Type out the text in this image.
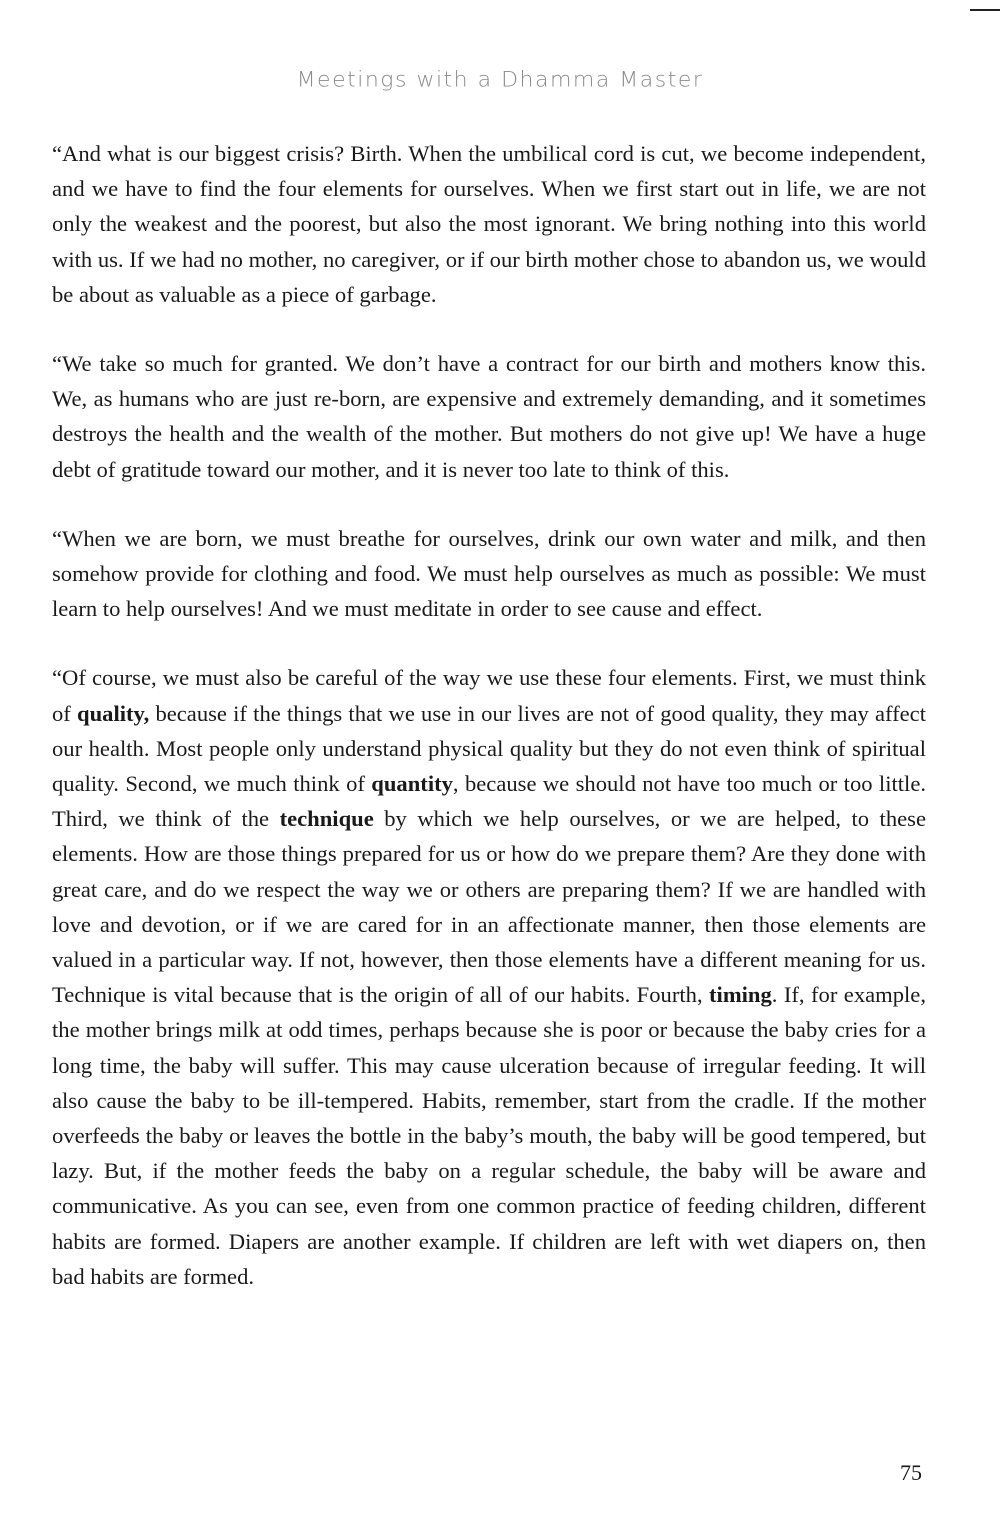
Meetings with a Dhamma Master

“And what is our biggest crisis? Birth. When the umbilical cord is cut, we become independent, and we have to find the four elements for ourselves. When we first start out in life, we are not only the weakest and the poorest, but also the most ignorant. We bring nothing into this world with us. If we had no mother, no caregiver, or if our birth mother chose to abandon us, we would be about as valuable as a piece of garbage.

“We take so much for granted. We don’t have a contract for our birth and mothers know this. We, as humans who are just re-born, are expensive and extremely demanding, and it sometimes destroys the health and the wealth of the mother. But mothers do not give up! We have a huge debt of gratitude toward our mother, and it is never too late to think of this.

“When we are born, we must breathe for ourselves, drink our own water and milk, and then somehow provide for clothing and food. We must help ourselves as much as possible: We must learn to help ourselves! And we must meditate in order to see cause and effect.

“Of course, we must also be careful of the way we use these four elements. First, we must think of quality, because if the things that we use in our lives are not of good quality, they may affect our health. Most people only understand physical quality but they do not even think of spiritual quality. Second, we much think of quantity, because we should not have too much or too little. Third, we think of the technique by which we help ourselves, or we are helped, to these elements. How are those things prepared for us or how do we prepare them? Are they done with great care, and do we respect the way we or others are preparing them? If we are handled with love and devotion, or if we are cared for in an affectionate manner, then those elements are valued in a particular way. If not, however, then those elements have a different meaning for us. Technique is vital because that is the origin of all of our habits. Fourth, timing. If, for example, the mother brings milk at odd times, perhaps because she is poor or because the baby cries for a long time, the baby will suffer. This may cause ulceration because of irregular feeding. It will also cause the baby to be ill-tempered. Habits, remember, start from the cradle. If the mother overfeeds the baby or leaves the bottle in the baby’s mouth, the baby will be good tempered, but lazy. But, if the mother feeds the baby on a regular schedule, the baby will be aware and communicative. As you can see, even from one common practice of feeding children, different habits are formed. Diapers are another example. If children are left with wet diapers on, then bad habits are formed.

75
